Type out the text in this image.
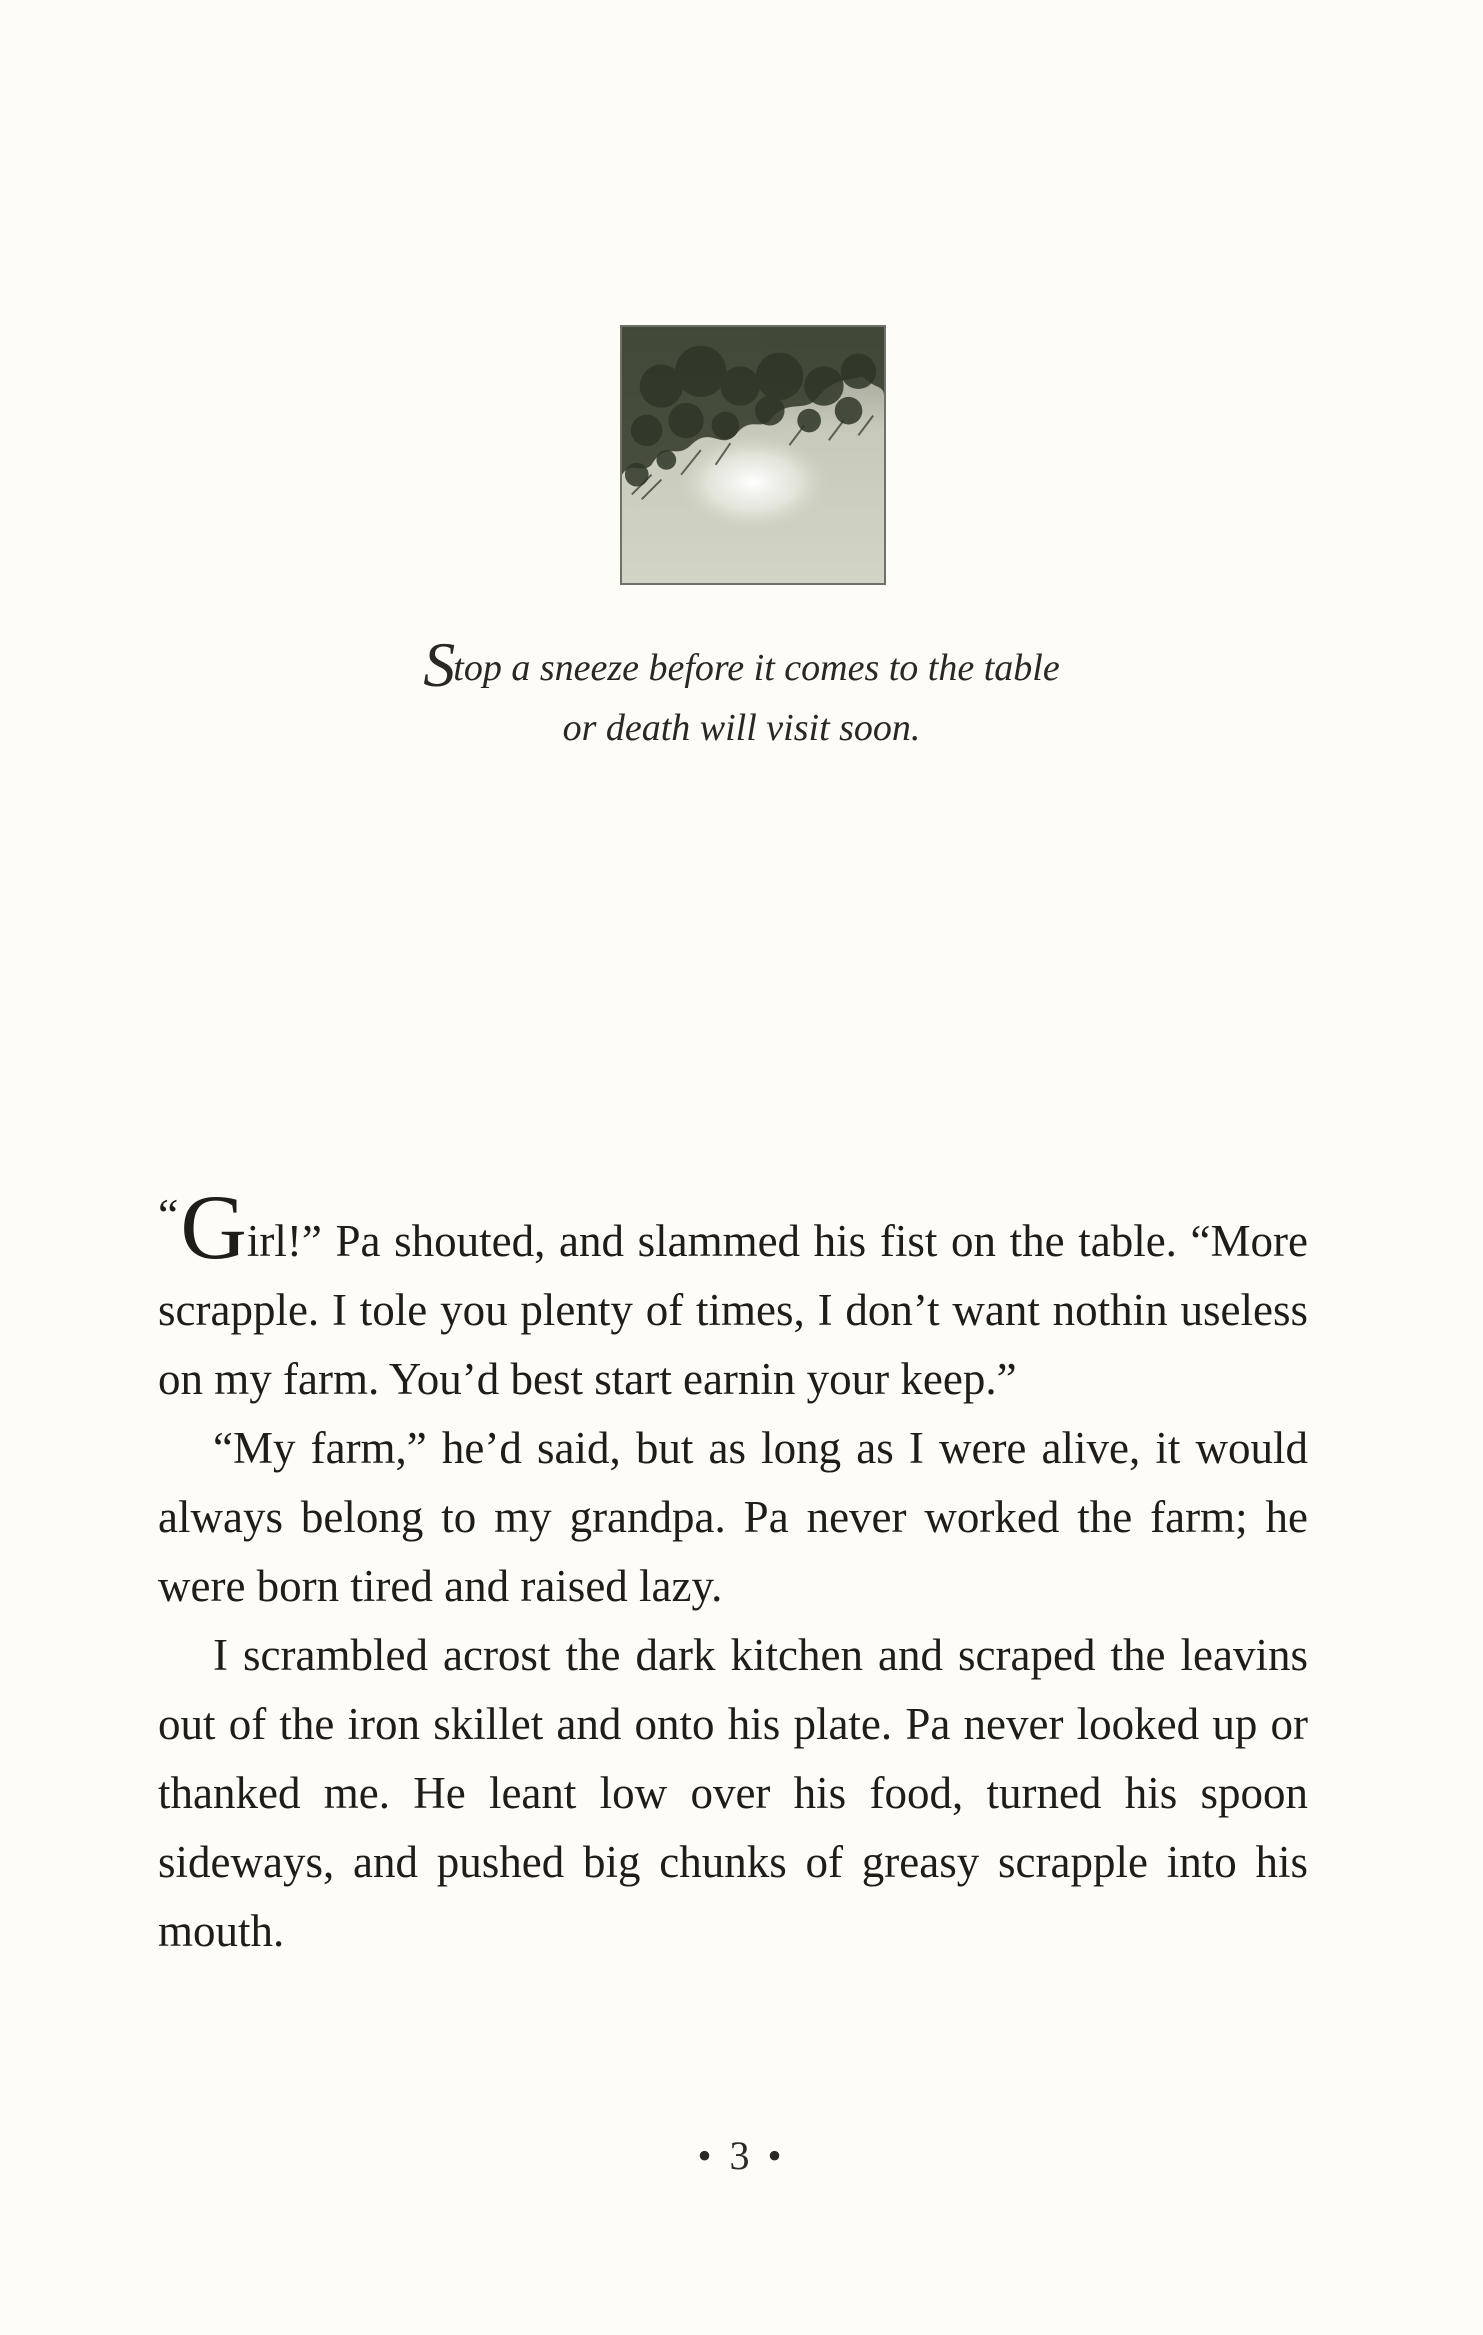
Stop a sneeze before it comes to the table
or death will visit soon.

“Girl!” Pa shouted, and slammed his fist on the table. “More scrapple. I tole you plenty of times, I don’t want nothin useless on my farm. You’d best start earnin your keep.”

“My farm,” he’d said, but as long as I were alive, it would always belong to my grandpa. Pa never worked the farm; he were born tired and raised lazy.

I scrambled acrost the dark kitchen and scraped the leavins out of the iron skillet and onto his plate. Pa never looked up or thanked me. He leant low over his food, turned his spoon sideways, and pushed big chunks of greasy scrapple into his mouth.

• 3 •
